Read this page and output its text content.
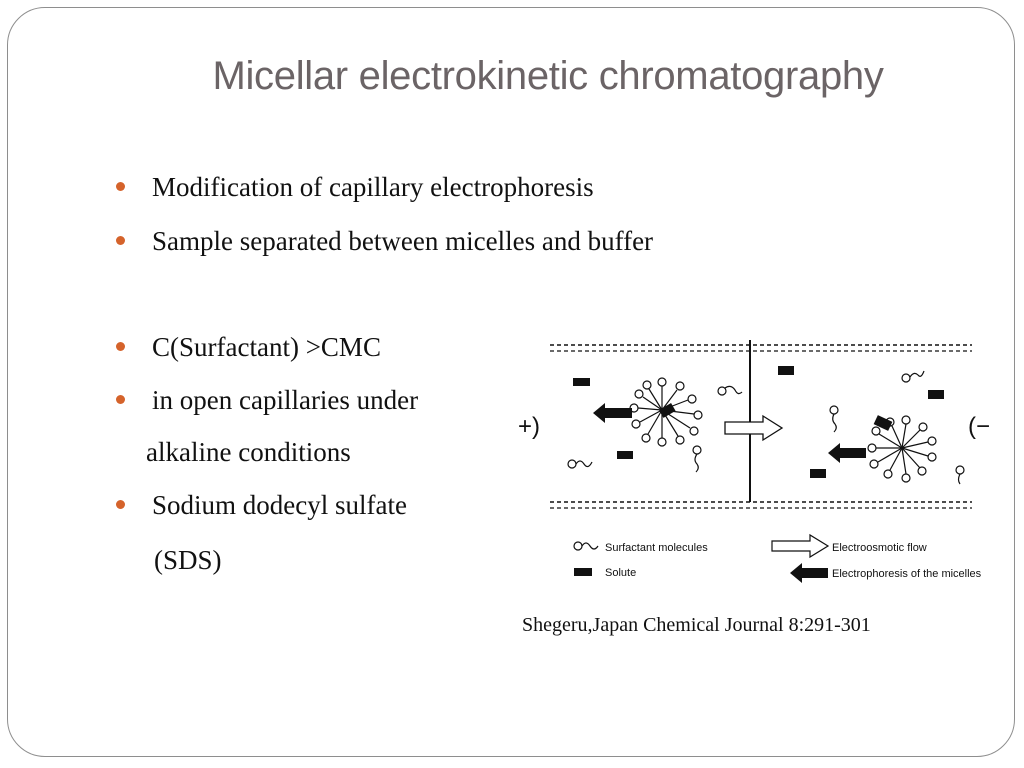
Micellar electrokinetic chromatography
Modification of capillary electrophoresis
Sample separated between micelles and buffer
C(Surfactant) >CMC
in open capillaries under
alkaline conditions
Sodium dodecyl sulfate
(SDS)
+)	(−
Surfactant molecules
Solute
Electroosmotic flow
Electrophoresis of the micelles
Shegeru,Japan Chemical Journal 8:291-301
